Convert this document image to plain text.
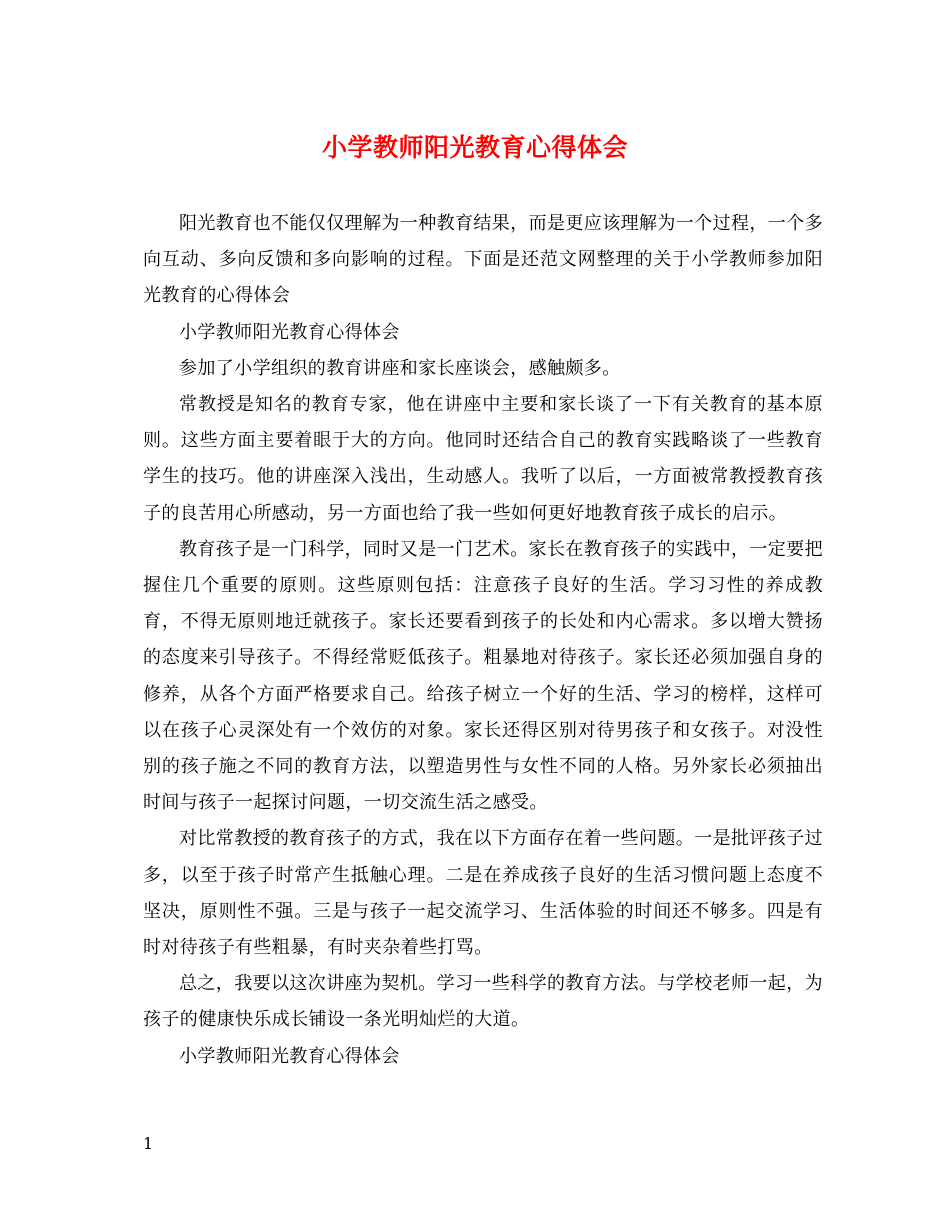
小学教师阳光教育心得体会

阳光教育也不能仅仅理解为一种教育结果，而是更应该理解为一个过程，一个多向互动、多向反馈和多向影响的过程。下面是还范文网整理的关于小学教师参加阳光教育的心得体会

小学教师阳光教育心得体会

参加了小学组织的教育讲座和家长座谈会，感触颇多。

常教授是知名的教育专家，他在讲座中主要和家长谈了一下有关教育的基本原则。这些方面主要着眼于大的方向。他同时还结合自己的教育实践略谈了一些教育学生的技巧。他的讲座深入浅出，生动感人。我听了以后，一方面被常教授教育孩子的良苦用心所感动，另一方面也给了我一些如何更好地教育孩子成长的启示。

教育孩子是一门科学，同时又是一门艺术。家长在教育孩子的实践中，一定要把握住几个重要的原则。这些原则包括：注意孩子良好的生活。学习习性的养成教育，不得无原则地迁就孩子。家长还要看到孩子的长处和内心需求。多以增大赞扬的态度来引导孩子。不得经常贬低孩子。粗暴地对待孩子。家长还必须加强自身的修养，从各个方面严格要求自己。给孩子树立一个好的生活、学习的榜样，这样可以在孩子心灵深处有一个效仿的对象。家长还得区别对待男孩子和女孩子。对没性别的孩子施之不同的教育方法，以塑造男性与女性不同的人格。另外家长必须抽出时间与孩子一起探讨问题，一切交流生活之感受。

对比常教授的教育孩子的方式，我在以下方面存在着一些问题。一是批评孩子过多，以至于孩子时常产生抵触心理。二是在养成孩子良好的生活习惯问题上态度不坚决，原则性不强。三是与孩子一起交流学习、生活体验的时间还不够多。四是有时对待孩子有些粗暴，有时夹杂着些打骂。

总之，我要以这次讲座为契机。学习一些科学的教育方法。与学校老师一起，为孩子的健康快乐成长铺设一条光明灿烂的大道。

小学教师阳光教育心得体会

1
